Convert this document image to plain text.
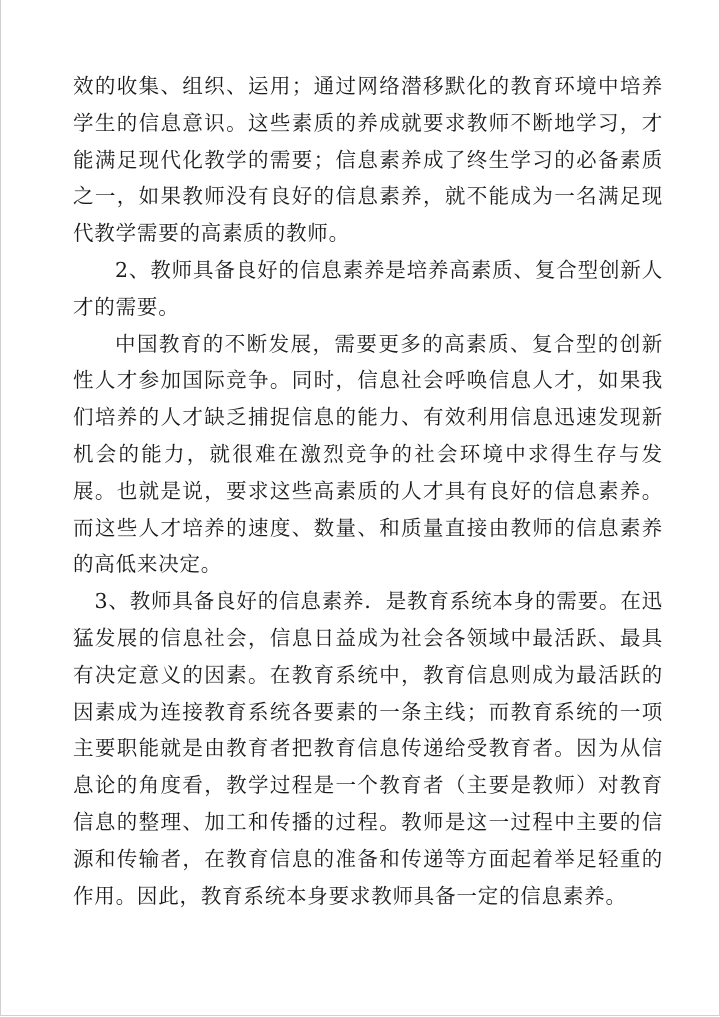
效的收集、组织、运用；通过网络潜移默化的教育环境中培养学生的信息意识。这些素质的养成就要求教师不断地学习，才能满足现代化教学的需要；信息素养成了终生学习的必备素质之一，如果教师没有良好的信息素养，就不能成为一名满足现代教学需要的高素质的教师。

2、教师具备良好的信息素养是培养高素质、复合型创新人才的需要。

中国教育的不断发展，需要更多的高素质、复合型的创新性人才参加国际竞争。同时，信息社会呼唤信息人才，如果我们培养的人才缺乏捕捉信息的能力、有效利用信息迅速发现新机会的能力，就很难在激烈竞争的社会环境中求得生存与发展。也就是说，要求这些高素质的人才具有良好的信息素养。而这些人才培养的速度、数量、和质量直接由教师的信息素养的高低来决定。

3、教师具备良好的信息素养．是教育系统本身的需要。在迅猛发展的信息社会，信息日益成为社会各领域中最活跃、最具有决定意义的因素。在教育系统中，教育信息则成为最活跃的因素成为连接教育系统各要素的一条主线；而教育系统的一项主要职能就是由教育者把教育信息传递给受教育者。因为从信息论的角度看，教学过程是一个教育者（主要是教师）对教育信息的整理、加工和传播的过程。教师是这一过程中主要的信源和传输者，在教育信息的准备和传递等方面起着举足轻重的作用。因此，教育系统本身要求教师具备一定的信息素养。
